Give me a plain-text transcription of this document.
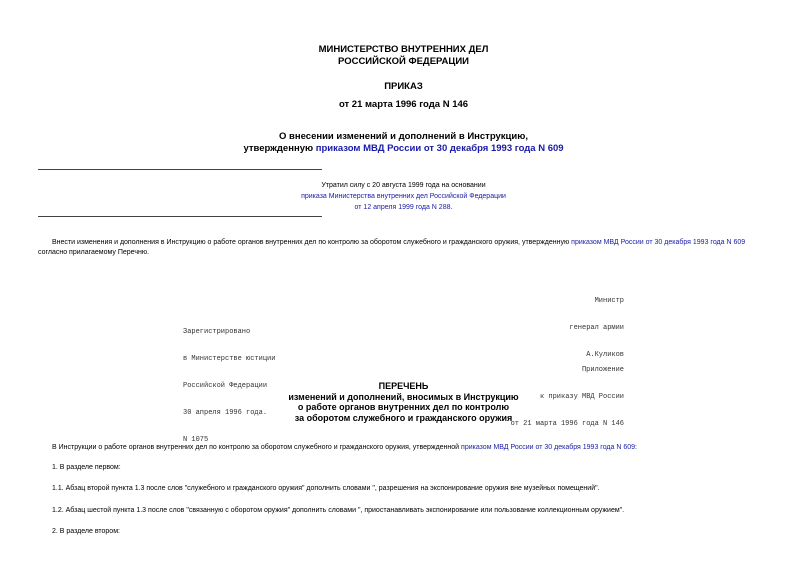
МИНИСТЕРСТВО ВНУТРЕННИХ ДЕЛ
РОССИЙСКОЙ ФЕДЕРАЦИИ
ПРИКАЗ
от 21 марта 1996 года N 146
О внесении изменений и дополнений в Инструкцию,
утвержденную приказом МВД России от 30 декабря 1993 года N 609
Утратил силу с 20 августа 1999 года на основании
приказа Министерства внутренних дел Российской Федерации
от 12 апреля 1999 года N 288.
Внести изменения и дополнения в Инструкцию о работе органов внутренних дел по контролю за оборотом служебного и гражданского оружия, утвержденную приказом МВД России от 30 декабря 1993 года N 609
согласно прилагаемому Перечню.

Министр

генерал армии

А.Куликов

Зарегистрировано

в Министерстве юстиции

Российской Федерации

30 апреля 1996 года.

N 1075

Приложение

к приказу МВД России

от 21 марта 1996 года N 146

ПЕРЕЧЕНЬ
изменений и дополнений, вносимых в Инструкцию
о работе органов внутренних дел по контролю
за оборотом служебного и гражданского оружия
В Инструкции о работе органов внутренних дел по контролю за оборотом служебного и гражданского оружия, утвержденной приказом МВД России от 30 декабря 1993 года N 609:
1. В разделе первом:
1.1. Абзац второй пункта 1.3 после слов "служебного и гражданского оружия" дополнить словами ", разрешения на экспонирование оружия вне музейных помещений".
1.2. Абзац шестой пункта 1.3 после слов "связанную с оборотом оружия" дополнить словами ", приостанавливать экспонирование или пользование коллекционным оружием".
2. В разделе втором:
